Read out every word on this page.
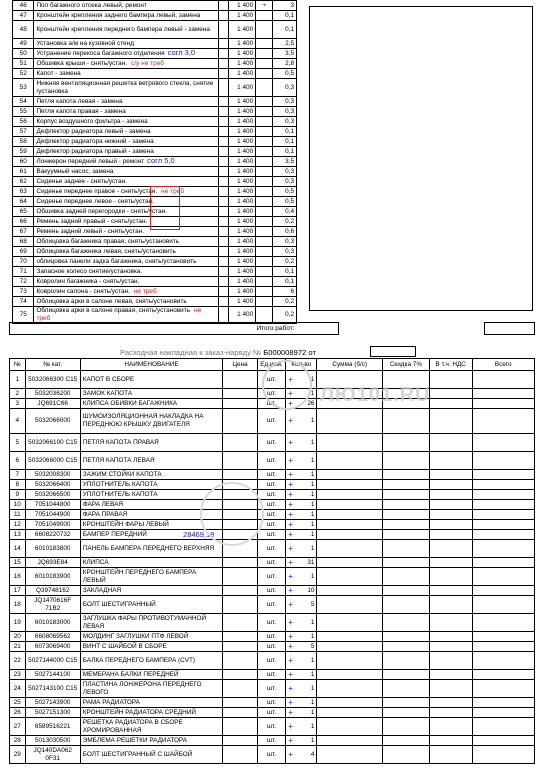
46	Пол багажного отсека левый, ремонт		1 400	+	3
47	Кронштейн крепления заднего бампера левый, замена		1 400		0,1
48	Кронштейн крепления переднего бампера левый - замена		1 400		0,1
49	Установка а/м на кузовной стенд		1 400		2,5
50	Устранение перекоса багажного отделения согл 3,0		1 400		3,5
51	Обшивка крыши - снять/устан. с/у не треб		1 400		2,8
52	Капот - замена		1 400		0,5
53	Нижняя вентиляционная решетка ветрового стекла, снятие /установка		1 400		0,3
54	Петля капота левая - замена		1 400		0,3
55	Петля капота правая - замена		1 400		0,3
56	Корпус воздушного фильтра - замена		1 400		0,3
57	Дефлектор радиатора левый - замена		1 400		0,1
58	Дефлектор радиатора нижний - замена		1 400		0,1
59	Дефлектор радиатора правый - замена		1 400		0,1
60	Лонжерон передний левый - ремонт согл 5,0		1 400		3,5
61	Вакуумный насос, замена		1 400		0,3
62	Сиденье заднее - снять/устан.		1 400		0,3
63	Сиденье переднее правое - снять/устан. не треб		1 400		0,5
64	Сиденье переднее левое - снять/устан.		1 400		0,5
65	Обшивка задней перегородки - снять/устан.		1 400		0,4
66	Ремень задний правый - снять/устан.		1 400		0,2
67	Ремень задний левый - снять/устан.		1 400		0,6
68	Облицовка багажника правая, снять/установить		1 400		0,3
69	Облицовка багажника левая, снять/установить		1 400		0,3
70	облицовка панели задка багажника, снять/установить		1 400		0,2
71	Запасное колесо снятие/установка.		1 400		0,1
72	Ковролин багажника - снять/устан.		1 400		0,1
73	Ковролин салона - снять/устан. не треб		1 400		6
74	Облицовка арки в салоне левая, снять/установить		1 400		0,2
75	Облицовка арки в салоне правая, снять/установить не треб		1 400		0,2
Итого работ:					
Расходная накладная к заказ-наряду № Б000008972 от
№	№ кат.	НАИМЕНОВАНИЕ	Цена	Ед.изм.	Кол-во	Сумма (б/с)	Скидка 7%	В т.ч. НДС	Всего
1	5032066300 C15	КАПОТ В СБОРЕ		шт.	+ 1				

2	5032036200	ЗАМОК КАПОТА		шт.	+ 1				

3	JQ691C66	КЛИПСА ОБИВКИ БАГАЖНИКА		шт.	+ 26				

4	5032066000	ШУМОИЗОЛЯЦИОННАЯ НАКЛАДКА НА ПЕРЕДНЮЮ КРЫШКУ ДВИГАТЕЛЯ		шт.	+ 1				

5	5032066100 C15	ПЕТЛЯ КАПОТА ПРАВАЯ		шт.	+ 1				

6	5032066000 C15	ПЕТЛЯ КАПОТА ЛЕВАЯ		шт.	+ 1				

7	5032008300	ЗАЖИМ СТОЙКИ КАПОТА		шт.	+ 1				

8	5032066400	УПЛОТНИТЕЛЬ КАПОТА		шт.	+ 1				

9	5032066500	УПЛОТНИТЕЛЬ КАПОТА		шт.	+ 1				

10	7051044800	ФАРА ЛЕВАЯ		шт.	+ 1				

11	7051044900	ФАРА ПРАВАЯ		шт.	+ 1				

12	7051049000	КРОНШТЕЙН ФАРЫ ЛЕВЫЙ		шт.	+ 1				

13	6608220732	БАМПЕР ПЕРЕДНИЙ 28469,18		шт.	+ 1				

14	6010183800	ПАНЕЛЬ БАМПЕРА ПЕРЕДНЕГО ВЕРХНЯЯ		шт.	+ 1				

15	JQ693E84	КЛИПСА		шт.	+ 31				

16	6010183900	КРОНШТЕЙН ПЕРЕДНЕГО БАМПЕРА ЛЕВЫЙ		шт.	+ 1				

17	Q39748162	ЗАКЛАДНАЯ		шт.	+ 10				

18	JQ1470616F 71B2	БОЛТ ШЕСТИГРАННЫЙ		шт.	+ 5				

19	6010183000	ЗАГЛУШКА ФАРЫ ПРОТИВОТУМАННОЙ ЛЕВАЯ		шт.	+ 1				

20	6608069562	МОЛДИНГ ЗАГЛУШКИ ПТФ ЛЕВОЙ		шт.	+ 1				

21	6073069400	ВИНТ С ШАЙБОЙ В СБОРЕ		шт.	+ 5				

22	5027144000 C15	БАЛКА ПЕРЕДНЕГО БАМПЕРА (CVT)		шт.	+ 1				

23	5027144100	МЕМБРАНА БАЛКИ ПЕРЕДНЕЙ		шт.	+ 1				

24	5027143100 C15	ПЛАСТИНА ЛОНЖЕРОНА ПЕРЕДНЕГО ЛЕВОГО		шт.	+ 1				

25	5027143900	РАМА РАДИАТОРА		шт.	+ 1				

26	5027151300	КРОНШТЕЙН РАДИАТОРА СРЕДНИЙ		шт.	+ 1				

27	6589516221	РЕШЕТКА РАДИАТОРА В СБОРЕ ХРОМИРОВАННАЯ		шт.	+ 1				

28	5013030500	ЭМБЛЕМА РЕШЕТКИ РАДИАТОРА		шт.	+ 1				

29	JQ140DA062 0F31	БОЛТ ШЕСТИГРАННЫЙ С ШАЙБОЙ		шт.	+ 4				

ЛЮ101.RU
